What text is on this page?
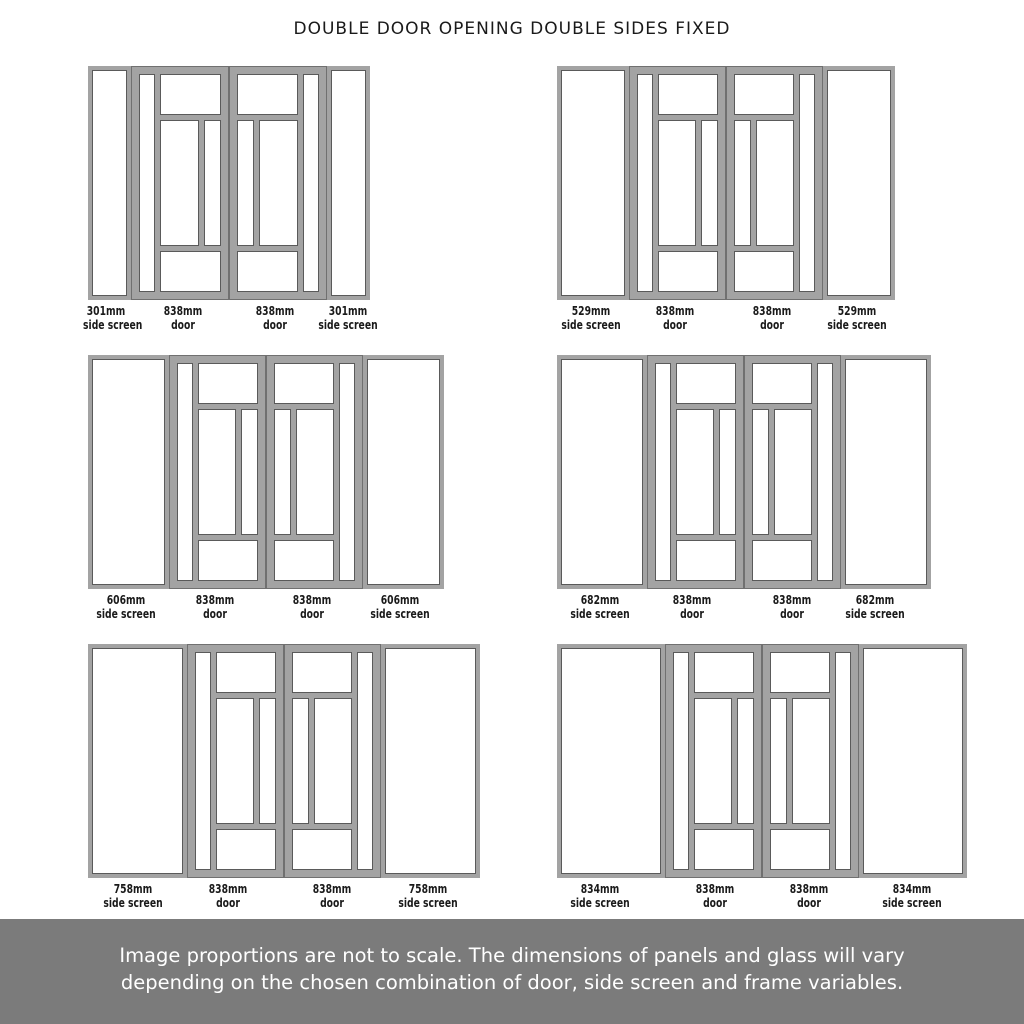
DOUBLE DOOR OPENING DOUBLE SIDES FIXED
301mm
side screen
838mm
door
838mm
door
301mm
side screen
529mm
side screen
838mm
door
838mm
door
529mm
side screen
606mm
side screen
838mm
door
838mm
door
606mm
side screen
682mm
side screen
838mm
door
838mm
door
682mm
side screen
758mm
side screen
838mm
door
838mm
door
758mm
side screen
834mm
side screen
838mm
door
838mm
door
834mm
side screen
Image proportions are not to scale. The dimensions of panels and glass will vary
depending on the chosen combination of door, side screen and frame variables.
